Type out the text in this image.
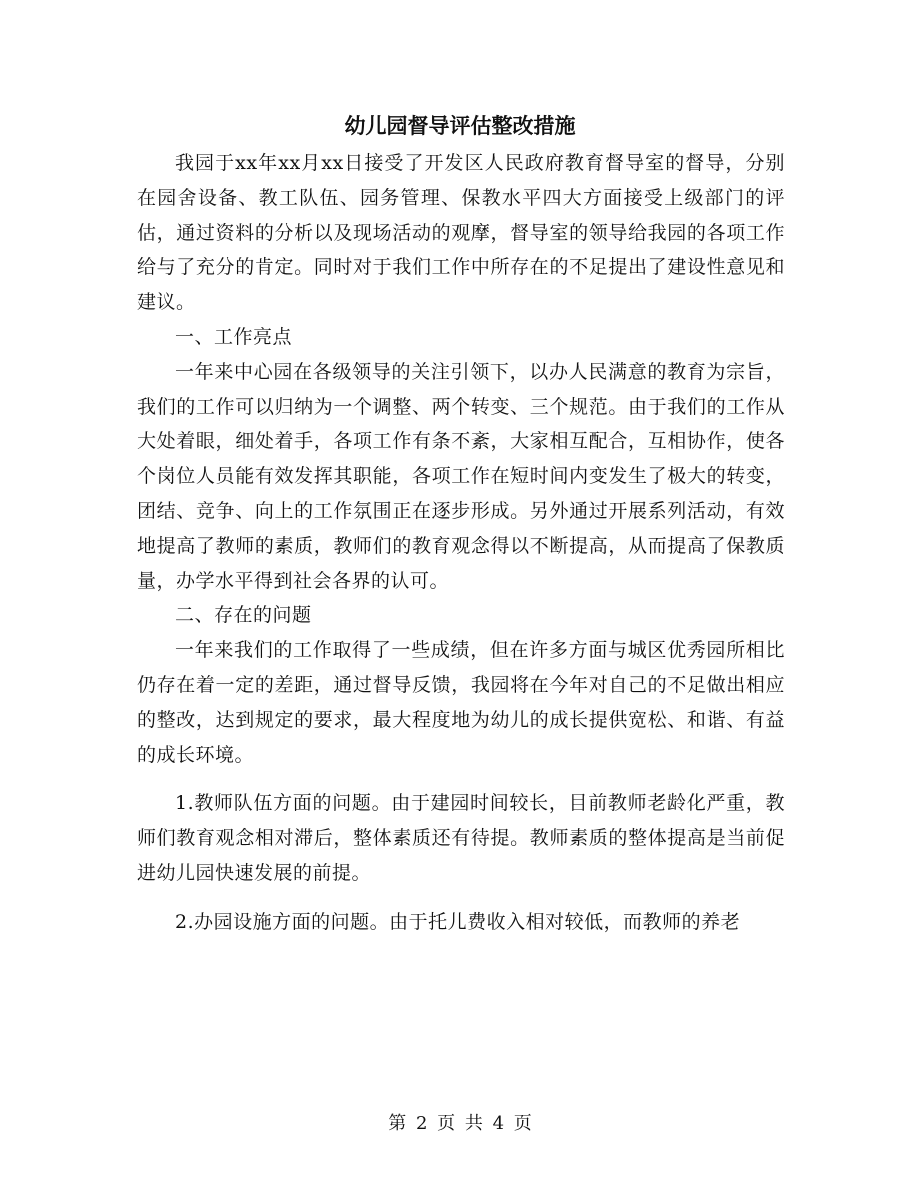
幼儿园督导评估整改措施

我园于xx年xx月xx日接受了开发区人民政府教育督导室的督导，分别在园舍设备、教工队伍、园务管理、保教水平四大方面接受上级部门的评估，通过资料的分析以及现场活动的观摩，督导室的领导给我园的各项工作给与了充分的肯定。同时对于我们工作中所存在的不足提出了建设性意见和建议。

一、工作亮点

一年来中心园在各级领导的关注引领下，以办人民满意的教育为宗旨，我们的工作可以归纳为一个调整、两个转变、三个规范。由于我们的工作从大处着眼，细处着手，各项工作有条不紊，大家相互配合，互相协作，使各个岗位人员能有效发挥其职能，各项工作在短时间内变发生了极大的转变，团结、竞争、向上的工作氛围正在逐步形成。另外通过开展系列活动，有效地提高了教师的素质，教师们的教育观念得以不断提高，从而提高了保教质量，办学水平得到社会各界的认可。

二、存在的问题

一年来我们的工作取得了一些成绩，但在许多方面与城区优秀园所相比仍存在着一定的差距，通过督导反馈，我园将在今年对自己的不足做出相应的整改，达到规定的要求，最大程度地为幼儿的成长提供宽松、和谐、有益的成长环境。

1.教师队伍方面的问题。由于建园时间较长，目前教师老龄化严重，教师们教育观念相对滞后，整体素质还有待提。教师素质的整体提高是当前促进幼儿园快速发展的前提。

2.办园设施方面的问题。由于托儿费收入相对较低，而教师的养老

第 2 页 共 4 页
